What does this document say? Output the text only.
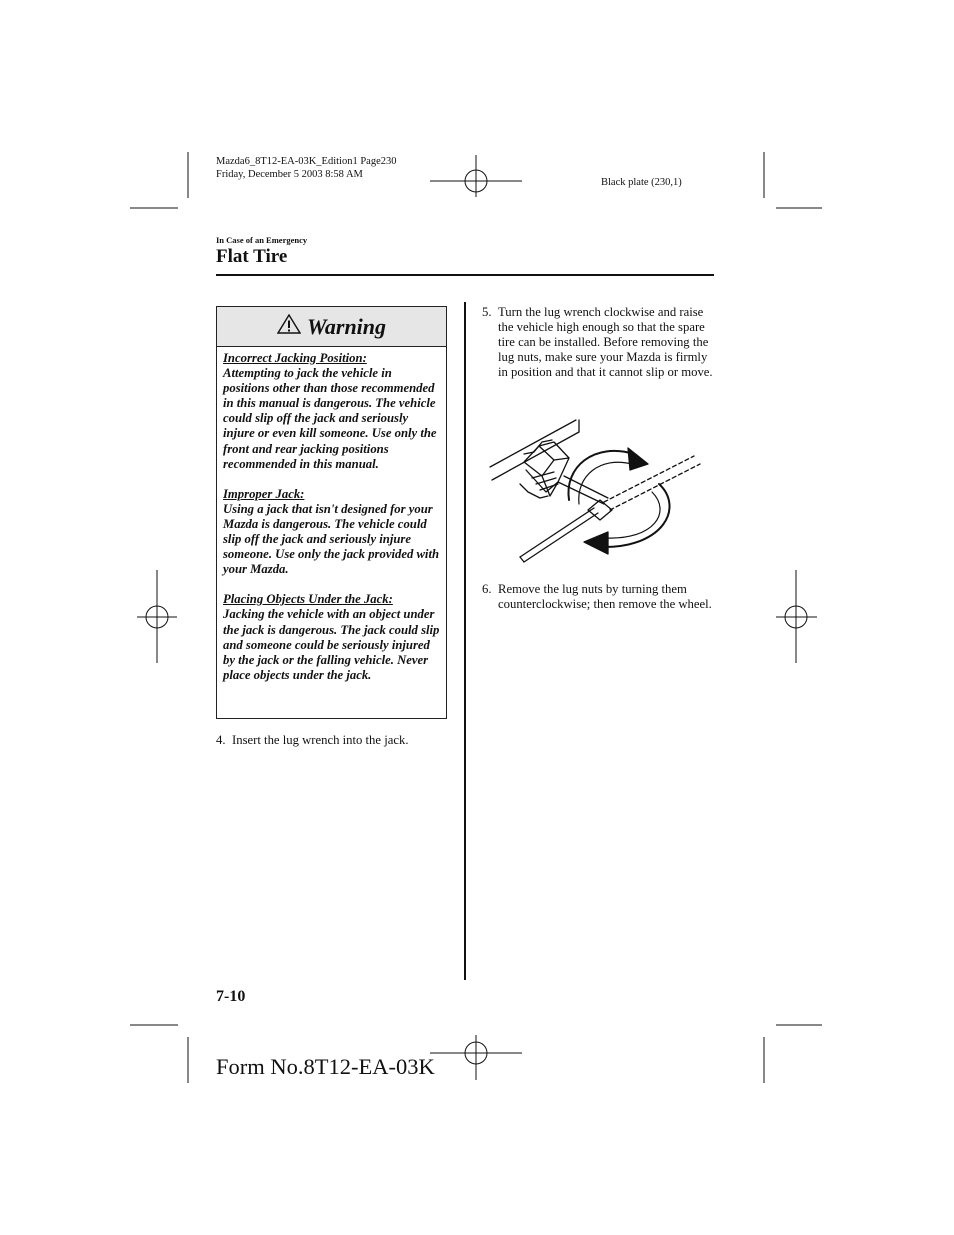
Mazda6_8T12-EA-03K_Edition1 Page230
Friday, December 5 2003 8:58 AM
Black plate (230,1)
In Case of an Emergency
Flat Tire
Warning

Incorrect Jacking Position:
Attempting to jack the vehicle in positions other than those recommended in this manual is dangerous. The vehicle could slip off the jack and seriously injure or even kill someone. Use only the front and rear jacking positions recommended in this manual.

Improper Jack:
Using a jack that isn't designed for your Mazda is dangerous. The vehicle could slip off the jack and seriously injure someone. Use only the jack provided with your Mazda.

Placing Objects Under the Jack:
Jacking the vehicle with an object under the jack is dangerous. The jack could slip and someone could be seriously injured by the jack or the falling vehicle. Never place objects under the jack.

4. Insert the lug wrench into the jack.
5. Turn the lug wrench clockwise and raise the vehicle high enough so that the spare tire can be installed. Before removing the lug nuts, make sure your Mazda is firmly in position and that it cannot slip or move.
6. Remove the lug nuts by turning them counterclockwise; then remove the wheel.
7-10
Form No.8T12-EA-03K
